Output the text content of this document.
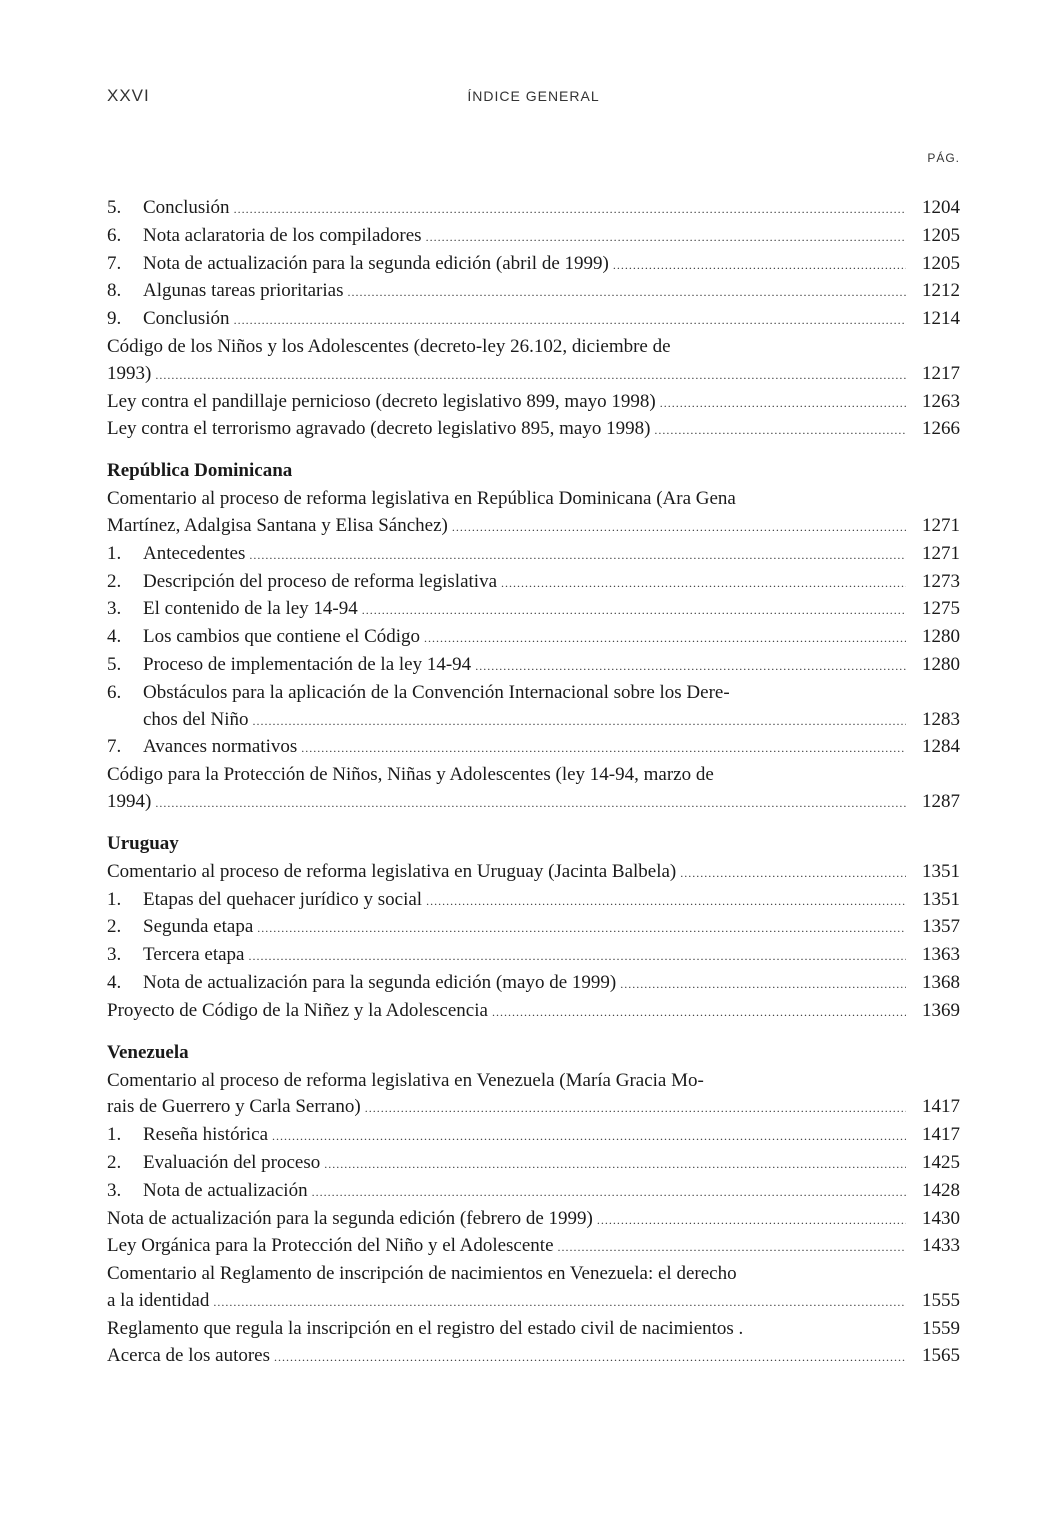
XXVI	ÍNDICE GENERAL
PÁG.
5. Conclusión .....	1204
6. Nota aclaratoria de los compiladores .....	1205
7. Nota de actualización para la segunda edición (abril de 1999) .....	1205
8. Algunas tareas prioritarias .....	1212
9. Conclusión .....	1214
Código de los Niños y los Adolescentes (decreto-ley 26.102, diciembre de
1993) .....	1217
Ley contra el pandillaje pernicioso (decreto legislativo 899, mayo 1998) .....	1263
Ley contra el terrorismo agravado (decreto legislativo 895, mayo 1998) .....	1266
República Dominicana
Comentario al proceso de reforma legislativa en República Dominicana (Ara Gena
Martínez, Adalgisa Santana y Elisa Sánchez) .....	1271
1. Antecedentes .....	1271
2. Descripción del proceso de reforma legislativa .....	1273
3. El contenido de la ley 14-94 .....	1275
4. Los cambios que contiene el Código .....	1280
5. Proceso de implementación de la ley 14-94 .....	1280
6. Obstáculos para la aplicación de la Convención Internacional sobre los Dere-
chos del Niño .....	1283
7. Avances normativos .....	1284
Código para la Protección de Niños, Niñas y Adolescentes (ley 14-94, marzo de
1994) .....	1287
Uruguay
Comentario al proceso de reforma legislativa en Uruguay (Jacinta Balbela) .....	1351
1. Etapas del quehacer jurídico y social .....	1351
2. Segunda etapa .....	1357
3. Tercera etapa .....	1363
4. Nota de actualización para la segunda edición (mayo de 1999) .....	1368
Proyecto de Código de la Niñez y la Adolescencia .....	1369
Venezuela
Comentario al proceso de reforma legislativa en Venezuela (María Gracia Mo-
rais de Guerrero y Carla Serrano) .....	1417
1. Reseña histórica .....	1417
2. Evaluación del proceso .....	1425
3. Nota de actualización .....	1428
Nota de actualización para la segunda edición (febrero de 1999) .....	1430
Ley Orgánica para la Protección del Niño y el Adolescente .....	1433
Comentario al Reglamento de inscripción de nacimientos en Venezuela: el derecho
a la identidad .....	1555
Reglamento que regula la inscripción en el registro del estado civil de nacimientos .	1559
Acerca de los autores .....	1565
